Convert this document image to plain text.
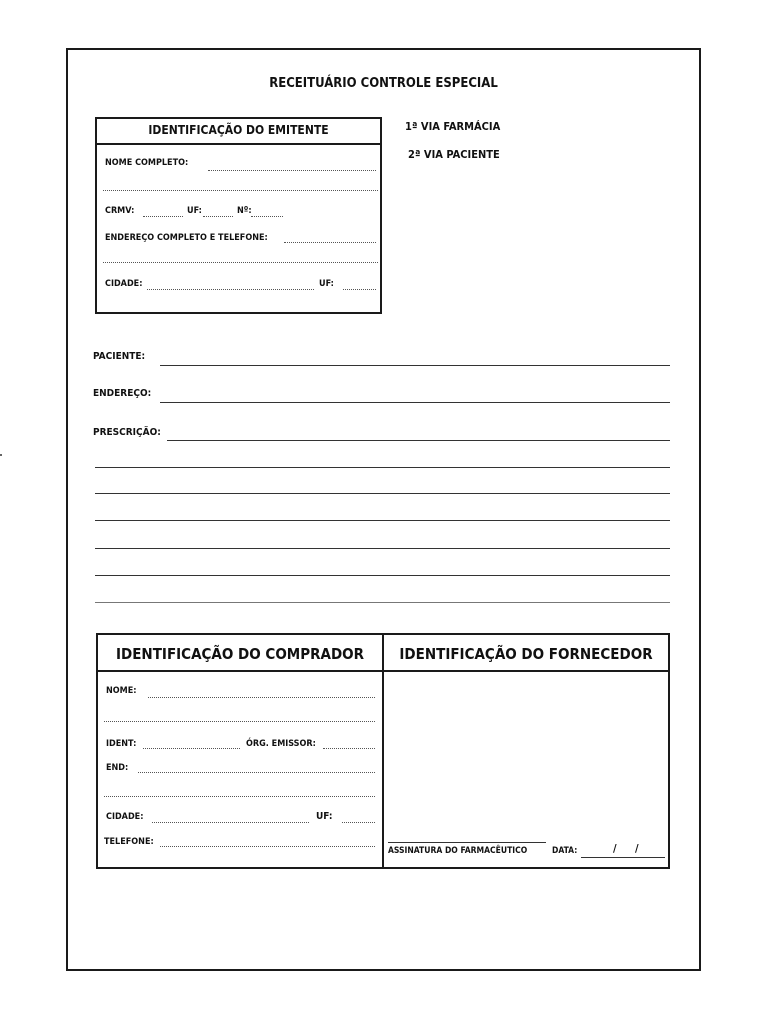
RECEITUÁRIO CONTROLE ESPECIAL
IDENTIFICAÇÃO DO EMITENTE
NOME COMPLETO:
CRMV:	UF:	Nº:
ENDEREÇO COMPLETO E TELEFONE:
CIDADE:	UF:
1ª VIA FARMÁCIA
2ª VIA PACIENTE
PACIENTE:
ENDEREÇO:
PRESCRIÇÃO:
IDENTIFICAÇÃO DO COMPRADOR	IDENTIFICAÇÃO DO FORNECEDOR
NOME:
IDENT:	ÓRG. EMISSOR:
END:
CIDADE:	UF:
TELEFONE:
ASSINATURA DO FARMACÊUTICO	DATA:	/ /
